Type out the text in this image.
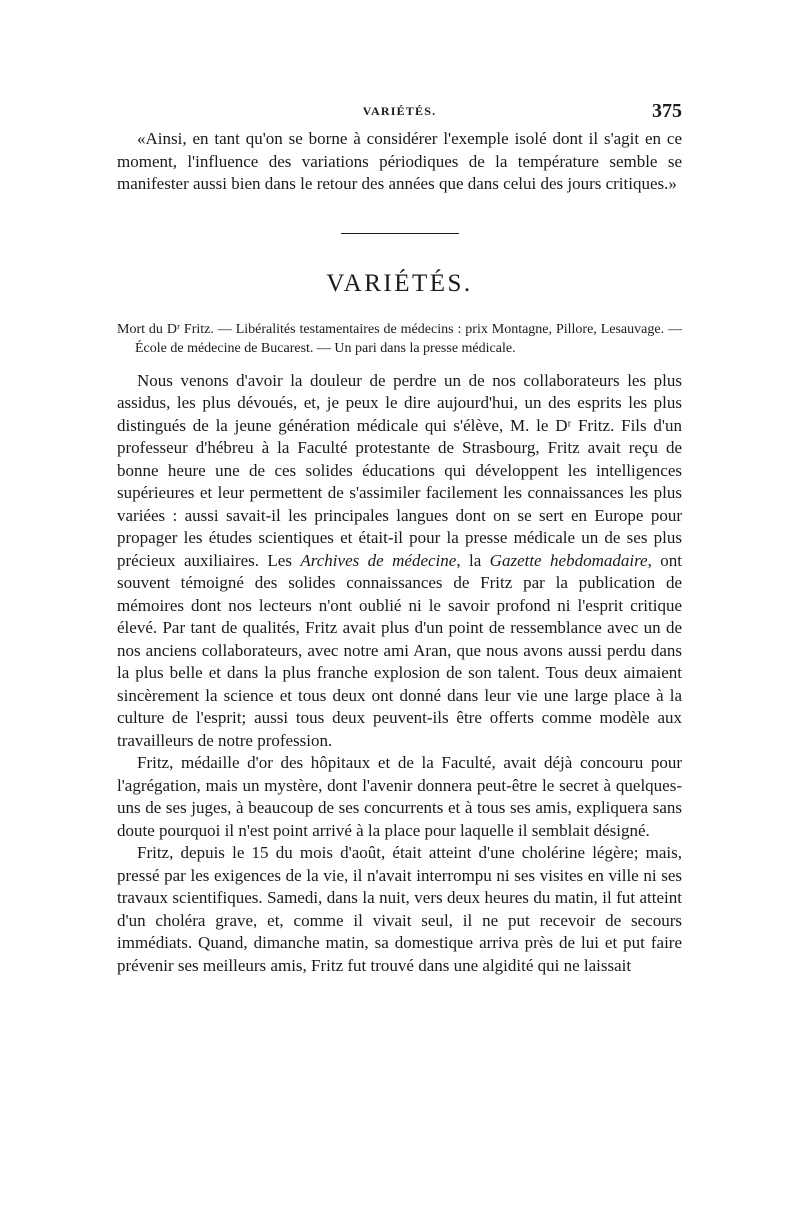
VARIÉTÉS.	375

«Ainsi, en tant qu'on se borne à considérer l'exemple isolé dont il s'agit en ce moment, l'influence des variations périodiques de la température semble se manifester aussi bien dans le retour des années que dans celui des jours critiques.»

VARIÉTÉS.

Mort du Dʳ Fritz. — Libéralités testamentaires de médecins : prix Montagne, Pillore, Lesauvage. — École de médecine de Bucarest. — Un pari dans la presse médicale.

Nous venons d'avoir la douleur de perdre un de nos collaborateurs les plus assidus, les plus dévoués, et, je peux le dire aujourd'hui, un des esprits les plus distingués de la jeune génération médicale qui s'élève, M. le Dʳ Fritz. Fils d'un professeur d'hébreu à la Faculté protestante de Strasbourg, Fritz avait reçu de bonne heure une de ces solides éducations qui développent les intelligences supérieures et leur permettent de s'assimiler facilement les connaissances les plus variées : aussi savait-il les principales langues dont on se sert en Europe pour propager les études scientiques et était-il pour la presse médicale un de ses plus précieux auxiliaires. Les Archives de médecine, la Gazette hebdomadaire, ont souvent témoigné des solides connaissances de Fritz par la publication de mémoires dont nos lecteurs n'ont oublié ni le savoir profond ni l'esprit critique élevé. Par tant de qualités, Fritz avait plus d'un point de ressemblance avec un de nos anciens collaborateurs, avec notre ami Aran, que nous avons aussi perdu dans la plus belle et dans la plus franche explosion de son talent. Tous deux aimaient sincèrement la science et tous deux ont donné dans leur vie une large place à la culture de l'esprit; aussi tous deux peuvent-ils être offerts comme modèle aux travailleurs de notre profession.

Fritz, médaille d'or des hôpitaux et de la Faculté, avait déjà concouru pour l'agrégation, mais un mystère, dont l'avenir donnera peut-être le secret à quelques-uns de ses juges, à beaucoup de ses concurrents et à tous ses amis, expliquera sans doute pourquoi il n'est point arrivé à la place pour laquelle il semblait désigné.

Fritz, depuis le 15 du mois d'août, était atteint d'une cholérine légère; mais, pressé par les exigences de la vie, il n'avait interrompu ni ses visites en ville ni ses travaux scientifiques. Samedi, dans la nuit, vers deux heures du matin, il fut atteint d'un choléra grave, et, comme il vivait seul, il ne put recevoir de secours immédiats. Quand, dimanche matin, sa domestique arriva près de lui et put faire prévenir ses meilleurs amis, Fritz fut trouvé dans une algidité qui ne laissait
